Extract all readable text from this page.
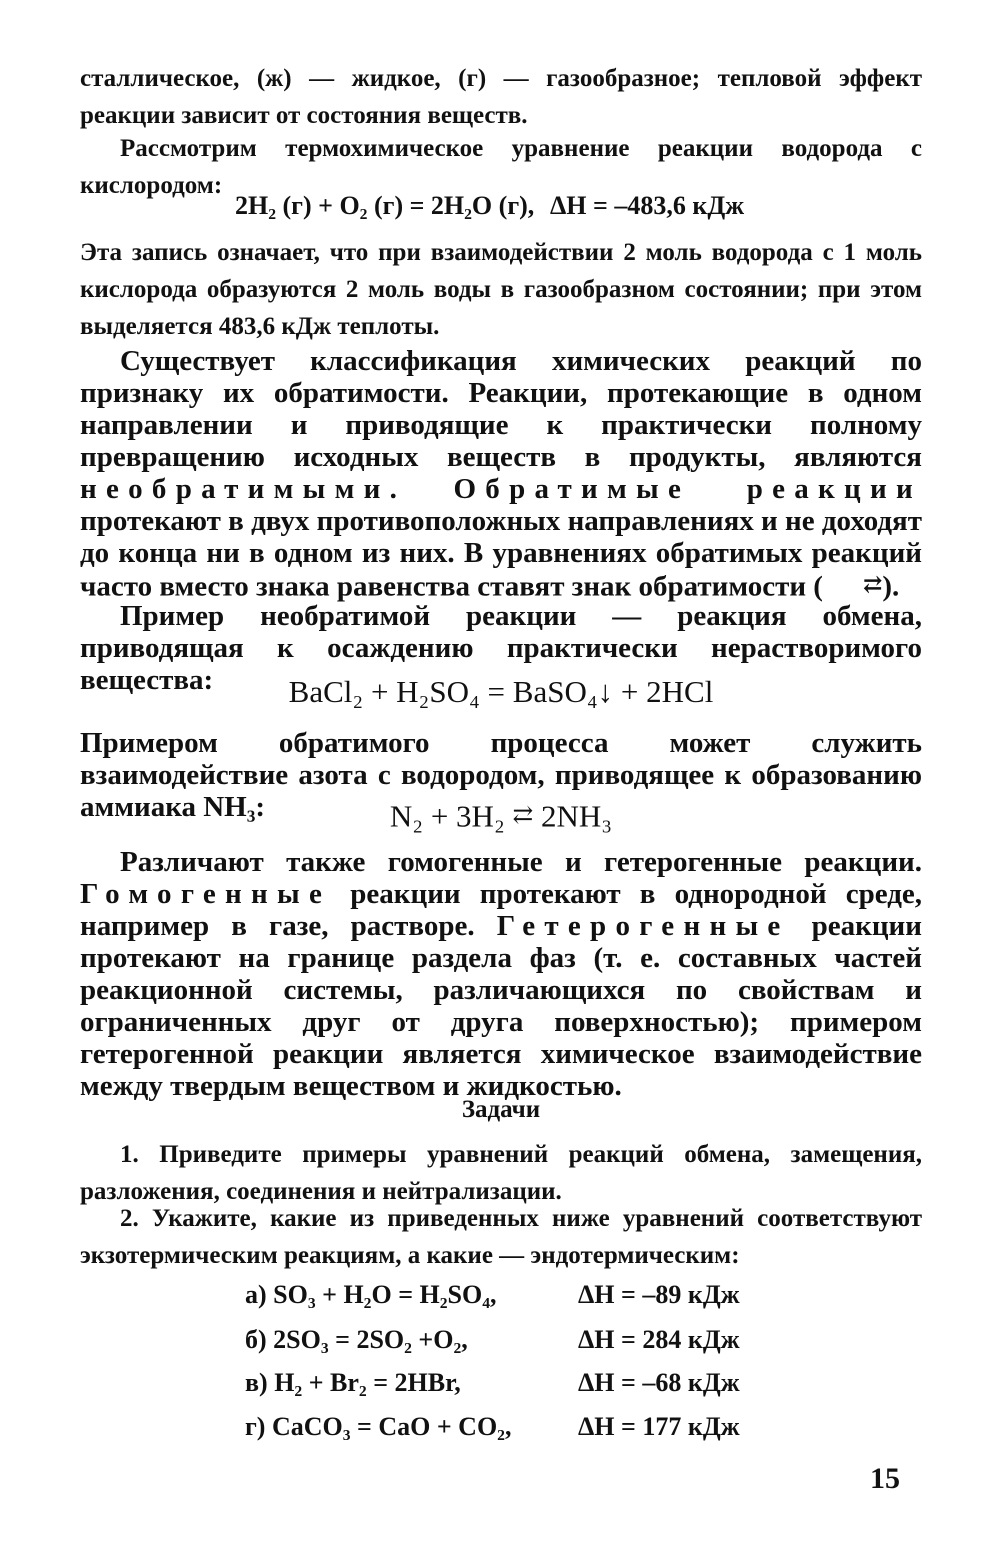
сталлическое, (ж) — жидкое, (г) — газообразное; тепловой эффект реакции зависит от состояния веществ.

Рассмотрим термохимическое уравнение реакции водорода с кислородом:

2H₂ (г) + O₂ (г) = 2H₂O (г), ΔH = –483,6 кДж

Эта запись означает, что при взаимодействии 2 моль водорода с 1 моль кислорода образуются 2 моль воды в газообразном состоянии; при этом выделяется 483,6 кДж теплоты.

Существует классификация химических реакций по признаку их обратимости. Реакции, протекающие в одном направлении и приводящие к практически полному превращению исходных веществ в продукты, являются необратимыми. Обратимые реакции протекают в двух противоположных направлениях и не доходят до конца ни в одном из них. В уравнениях обратимых реакций часто вместо знака равенства ставят знак обратимости ( ⇄).

Пример необратимой реакции — реакция обмена, приводящая к осаждению практически нерастворимого вещества:	BaCl₂ + H₂SO₄ = BaSO₄↓ + 2HCl

Примером обратимого процесса может служить взаимодействие азота с водородом, приводящее к образованию аммиака NH₃:	N₂ + 3H₂ ⇄ 2NH₃

Различают также гомогенные и гетерогенные реакции. Гомогенные реакции протекают в однородной среде, например в газе, растворе. Гетерогенные реакции протекают на границе раздела фаз (т. е. составных частей реакционной системы, различающихся по свойствам и ограниченных друг от друга поверхностью); примером гетерогенной реакции является химическое взаимодействие между твердым веществом и жидкостью.

Задачи

1. Приведите примеры уравнений реакций обмена, замещения, разложения, соединения и нейтрализации.

2. Укажите, какие из приведенных ниже уравнений соответствуют экзотермическим реакциям, а какие — эндотермическим:

а) SO₃ + H₂O = H₂SO₄,	ΔH = –89 кДж
б) 2SO₃ = 2SO₂ +O₂,	ΔH = 284 кДж
в) H₂ + Br₂ = 2HBr,	ΔH = –68 кДж
г) CaCO₃ = CaO + CO₂,	ΔH = 177 кДж
15
